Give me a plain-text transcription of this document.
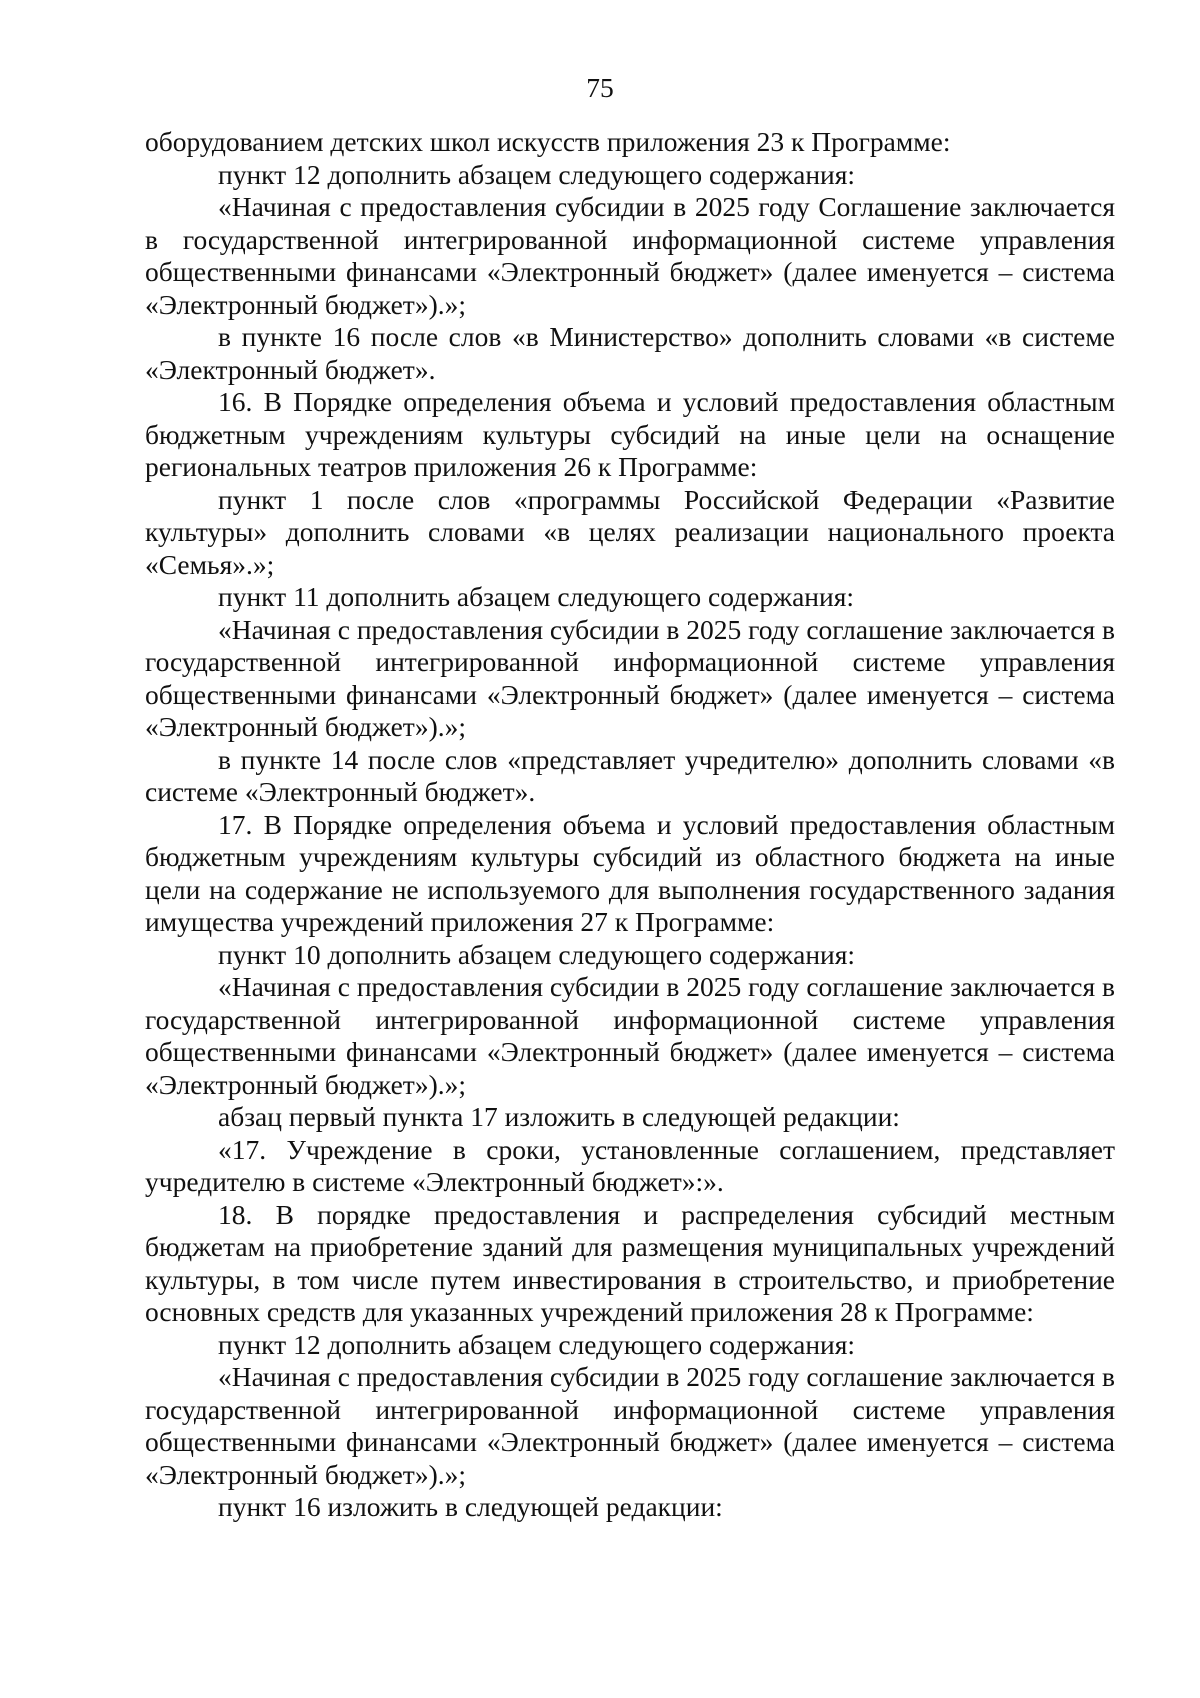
75

оборудованием детских школ искусств приложения 23 к Программе:

пункт 12 дополнить абзацем следующего содержания:

«Начиная с предоставления субсидии в 2025 году Соглашение заключается в государственной интегрированной информационной системе управления общественными финансами «Электронный бюджет» (далее именуется – система «Электронный бюджет»).»;

в пункте 16 после слов «в Министерство» дополнить словами «в системе «Электронный бюджет».

16. В Порядке определения объема и условий предоставления областным бюджетным учреждениям культуры субсидий на иные цели на оснащение региональных театров приложения 26 к Программе:

пункт 1 после слов «программы Российской Федерации «Развитие культуры» дополнить словами «в целях реализации национального проекта «Семья».»;

пункт 11 дополнить абзацем следующего содержания:

«Начиная с предоставления субсидии в 2025 году соглашение заключается в государственной интегрированной информационной системе управления общественными финансами «Электронный бюджет» (далее именуется – система «Электронный бюджет»).»;

в пункте 14 после слов «представляет учредителю» дополнить словами «в системе «Электронный бюджет».

17. В Порядке определения объема и условий предоставления областным бюджетным учреждениям культуры субсидий из областного бюджета на иные цели на содержание не используемого для выполнения государственного задания имущества учреждений приложения 27 к Программе:

пункт 10 дополнить абзацем следующего содержания:

«Начиная с предоставления субсидии в 2025 году соглашение заключается в государственной интегрированной информационной системе управления общественными финансами «Электронный бюджет» (далее именуется – система «Электронный бюджет»).»;

абзац первый пункта 17 изложить в следующей редакции:

«17. Учреждение в сроки, установленные соглашением, представляет учредителю в системе «Электронный бюджет»:».

18. В порядке предоставления и распределения субсидий местным бюджетам на приобретение зданий для размещения муниципальных учреждений культуры, в том числе путем инвестирования в строительство, и приобретение основных средств для указанных учреждений приложения 28 к Программе:

пункт 12 дополнить абзацем следующего содержания:

«Начиная с предоставления субсидии в 2025 году соглашение заключается в государственной интегрированной информационной системе управления общественными финансами «Электронный бюджет» (далее именуется – система «Электронный бюджет»).»;

пункт 16 изложить в следующей редакции:
